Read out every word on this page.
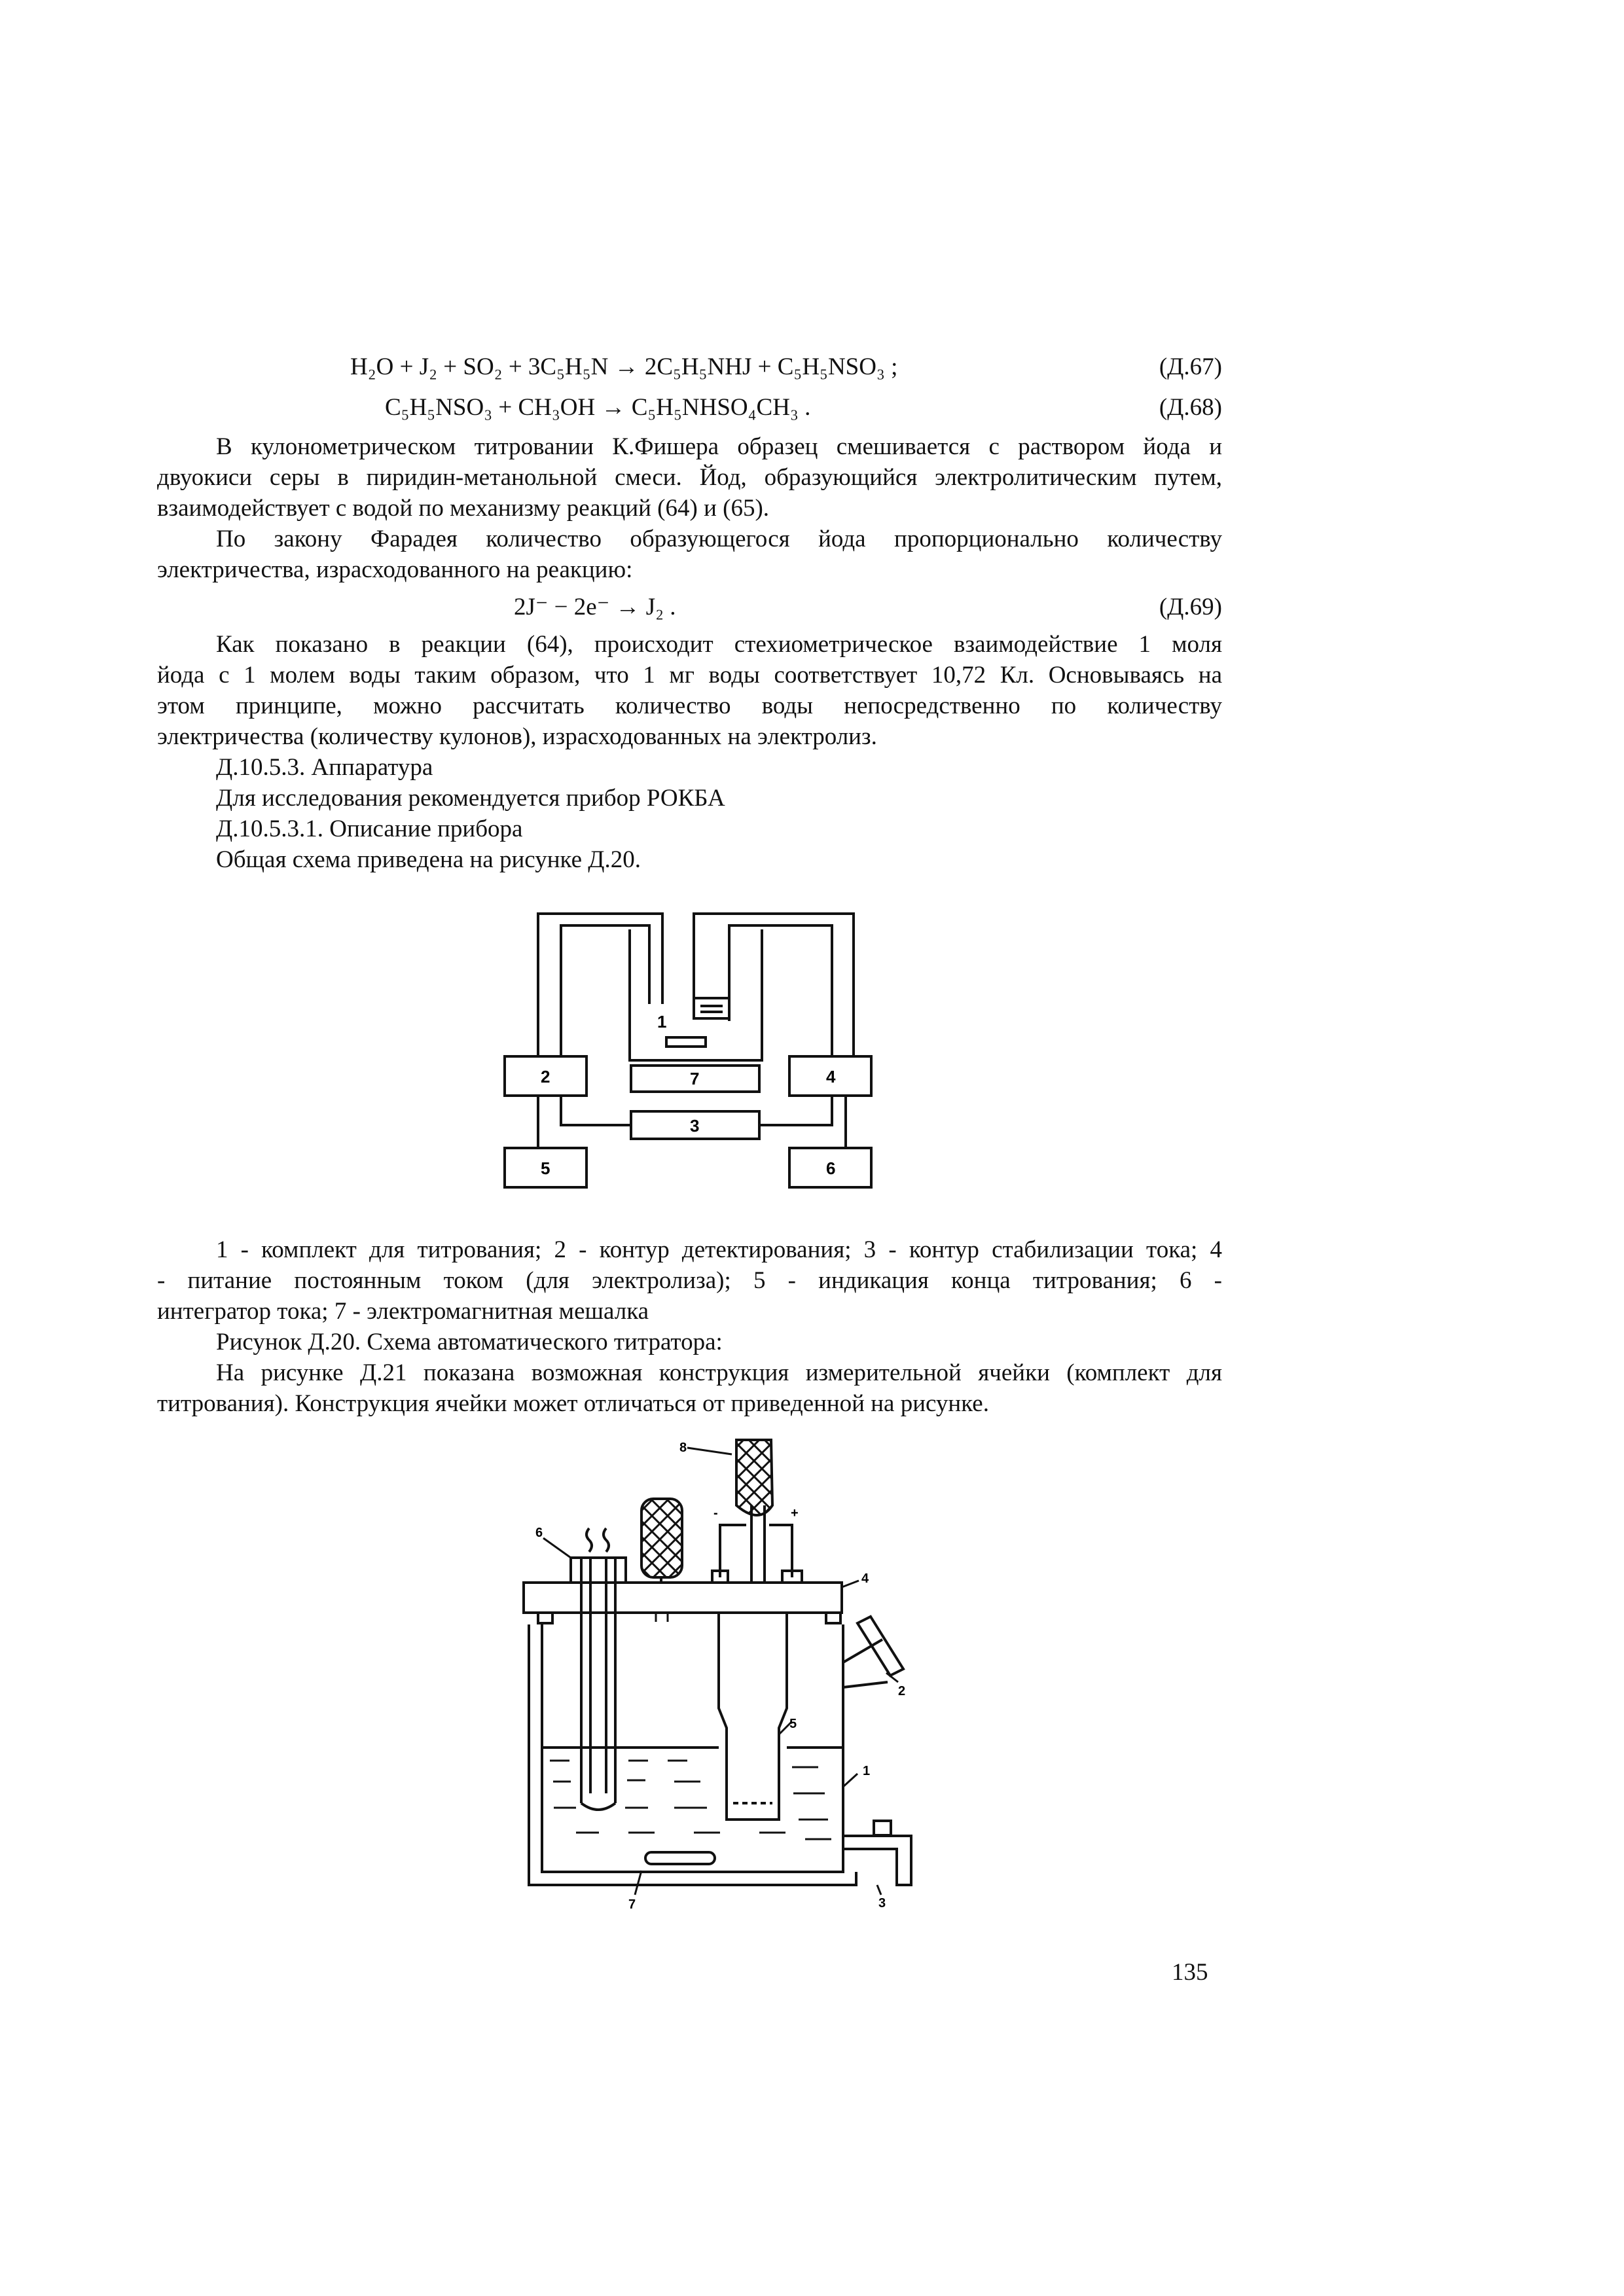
H₂O + J₂ + SO₂ + 3C₅H₅N → 2C₅H₅NHJ + C₅H₅NSO₃ ;	(Д.67)
C₅H₅NSO₃ + CH₃OH → C₅H₅NHSO₄CH₃ .	(Д.68)
В кулонометрическом титровании К.Фишера образец смешивается с раствором йода и
двуокиси серы в пиридин-метанольной смеси. Йод, образующийся электролитическим путем,
взаимодействует с водой по механизму реакций (64) и (65).
По закону Фарадея количество образующегося йода пропорционально количеству
электричества, израсходованного на реакцию:
2J⁻ − 2e⁻ → J₂ .	(Д.69)
Как показано в реакции (64), происходит стехиометрическое взаимодействие 1 моля
йода с 1 молем воды таким образом, что 1 мг воды соответствует 10,72 Кл. Основываясь на
этом принципе, можно рассчитать количество воды непосредственно по количеству
электричества (количеству кулонов), израсходованных на электролиз.
Д.10.5.3. Аппаратура
Для исследования рекомендуется прибор РОКБА
Д.10.5.3.1. Описание прибора
Общая схема приведена на рисунке Д.20.
1
2
3
4
5	6
7
1 - комплект для титрования; 2 - контур детектирования; 3 - контур стабилизации тока; 4
- питание постоянным током (для электролиза); 5 - индикация конца титрования; 6 -
интегратор тока; 7 - электромагнитная мешалка
Рисунок Д.20. Схема автоматического титратора:
На рисунке Д.21 показана возможная конструкция измерительной ячейки (комплект для
титрования). Конструкция ячейки может отличаться от приведенной на рисунке.
4
2
1
3
5
6
7
8
-	+
135
